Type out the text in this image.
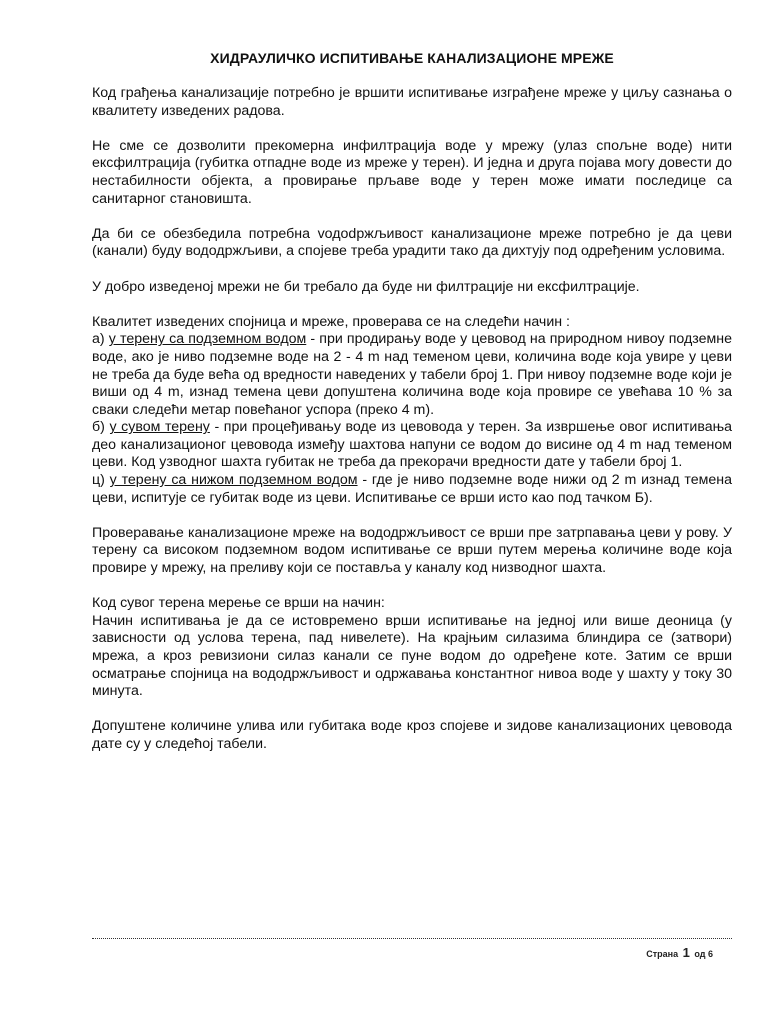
ХИДРАУЛИЧКО ИСПИТИВАЊЕ КАНАЛИЗАЦИОНЕ МРЕЖЕ

Код грађења канализације потребно је вршити испитивање изграђене мреже у циљу сазнања о квалитету изведених радова.

Не сме се дозволити прекомерна инфилтрација воде у мрежу (улаз спољне воде) нити ексфилтрација (губитка отпадне воде из мреже у терен). И једна и друга појава могу довести до нестабилности објекта, а провирање прљаве воде у терен може имати последице са санитарног становишта.

Да би се обезбедила потребна vодоdржљивост канализационе мреже потребно је да цеви (канали) буду вододржљиви, а спојеве треба урадити тако да дихтују под одређеним условима.

У добро изведеној мрежи не би требало да буде ни филтрације ни ексфилтрације.

Квалитет изведених спојница и мреже, проверава се на следећи начин :
а) у терену са подземном водом - при продирању воде у цевовод на природном нивоу подземне воде, ако је ниво подземне воде на 2 - 4 m над теменом цеви, количина воде која увире у цеви не треба да буде већа од вредности наведених у табели број 1. При нивоу подземне воде који је виши од 4 m, изнад темена цеви допуштена количина воде која провире се увећава 10 % за сваки следећи метар повећаног успора (преко 4 m).
б) у сувом терену - при процеђивању воде из цевовода у терен. За извршење овог испитивања део канализационог цевовода између шахтова напуни се водом до висине од 4 m над теменом цеви. Код узводног шахта губитак не треба да прекорачи вредности дате у табели број 1.
ц) у терену са нижом подземном водом - где је ниво подземне воде нижи од 2 m изнад темена цеви, испитује се губитак воде из цеви. Испитивање се врши исто као под тачком Б).

Проверавање канализационе мреже на вододржљивост се врши пре затрпавања цеви у рову. У терену са високом подземном водом испитивање се врши путем мерења количине воде која провире у мрежу, на преливу који се поставља у каналу код низводног шахта.

Код сувог терена мерење се врши на начин:
Начин испитивања је да се истовремено врши испитивање на једној или више деоница (у зависности од услова терена, пад нивелете). На крајњим силазима блиндира се (затвори) мрежа, а кроз ревизиони силаз канали се пуне водом до одређене коте. Затим се врши осматрање спојница на вододржљивост и одржавања константног нивоа воде у шахту у току 30 минута.

Допуштене количине улива или губитака воде кроз спојеве и зидове канализационих цевовода дате су у следећој табели.

Страна 1 од 6
